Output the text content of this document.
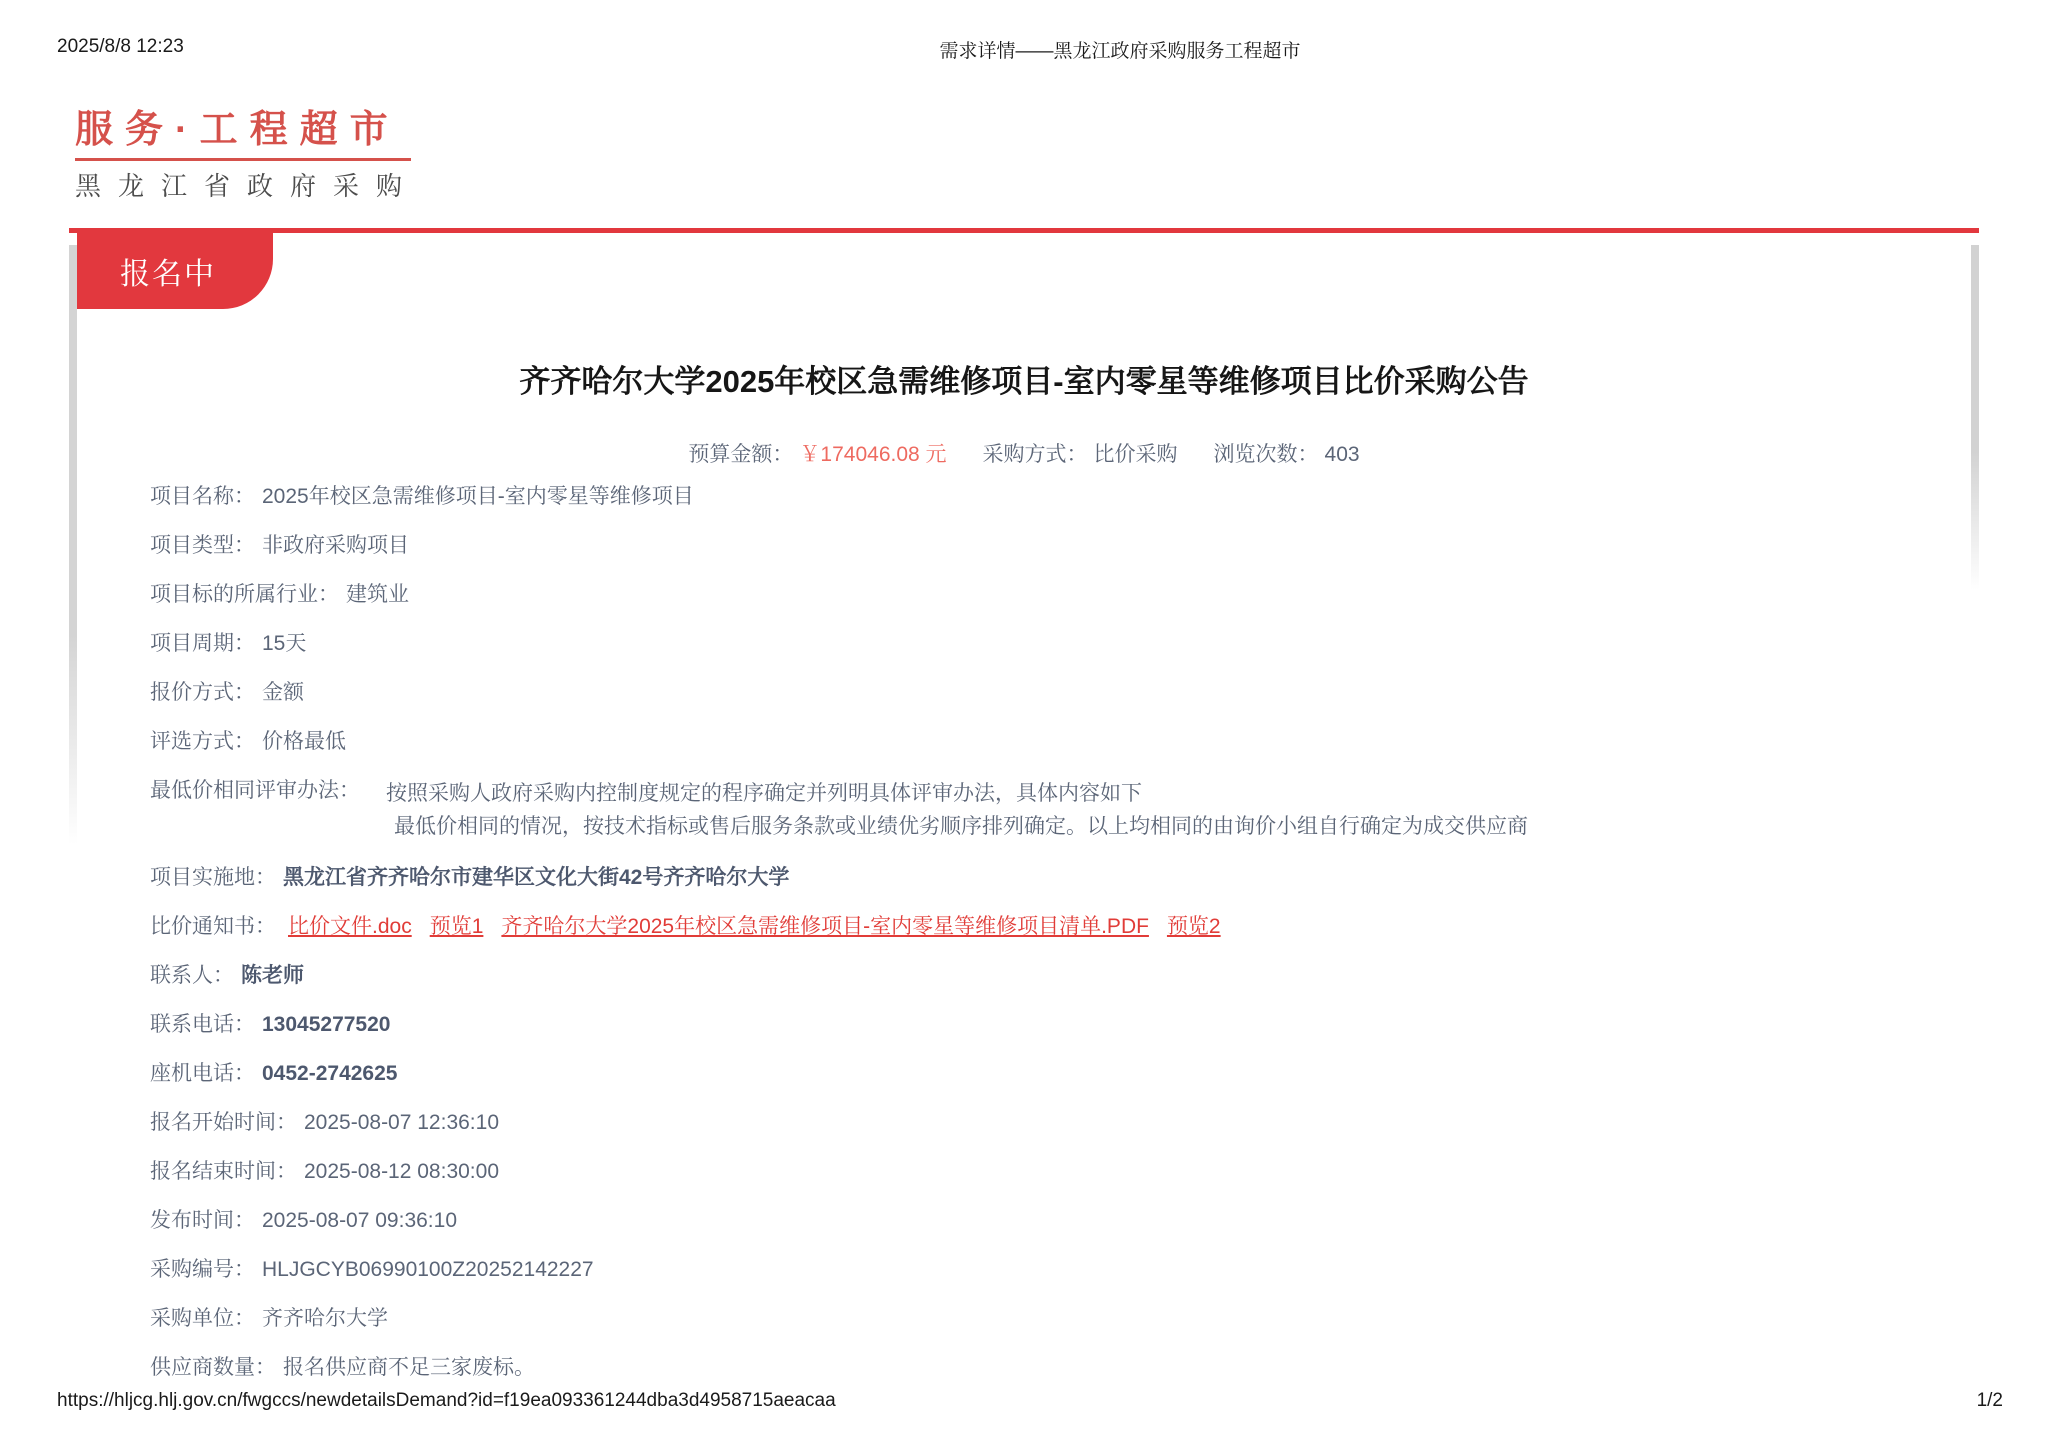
2025/8/8 12:23	需求详情——黑龙江政府采购服务工程超市
服务·工程超市
黑龙江省政府采购
报名中
齐齐哈尔大学2025年校区急需维修项目-室内零星等维修项目比价采购公告
预算金额： ￥174046.08 元 采购方式： 比价采购 浏览次数： 403
项目名称： 2025年校区急需维修项目-室内零星等维修项目
项目类型： 非政府采购项目
项目标的所属行业： 建筑业
项目周期： 15天
报价方式： 金额
评选方式： 价格最低
最低价相同评审办法： 按照采购人政府采购内控制度规定的程序确定并列明具体评审办法，具体内容如下
最低价相同的情况，按技术指标或售后服务条款或业绩优劣顺序排列确定。以上均相同的由询价小组自行确定为成交供应商
项目实施地： 黑龙江省齐齐哈尔市建华区文化大街42号齐齐哈尔大学
比价通知书： 比价文件.doc 预览1 齐齐哈尔大学2025年校区急需维修项目-室内零星等维修项目清单.PDF 预览2
联系人： 陈老师
联系电话： 13045277520
座机电话： 0452-2742625
报名开始时间： 2025-08-07 12:36:10
报名结束时间： 2025-08-12 08:30:00
发布时间： 2025-08-07 09:36:10
采购编号： HLJGCYB06990100Z20252142227
采购单位： 齐齐哈尔大学
供应商数量： 报名供应商不足三家废标。
https://hljcg.hlj.gov.cn/fwgccs/newdetailsDemand?id=f19ea093361244dba3d4958715aeacaa	1/2
